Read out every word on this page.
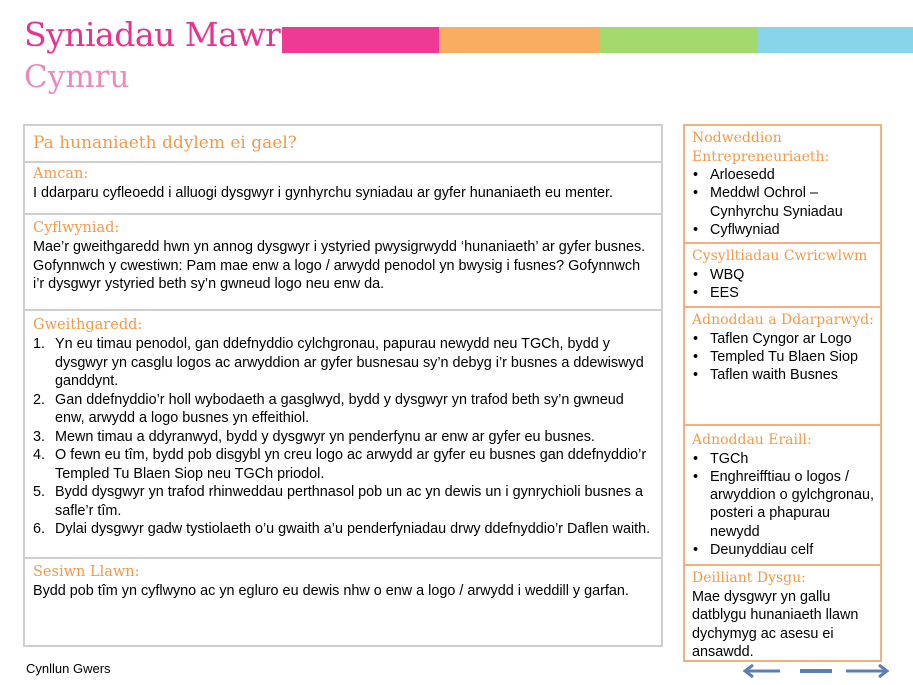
Syniadau Mawr
Cymru
Pa hunaniaeth ddylem ei gael?
Amcan:
I ddarparu cyfleoedd i alluogi dysgwyr i gynhyrchu syniadau ar gyfer hunaniaeth eu menter.
Cyflwyniad:
Mae’r gweithgaredd hwn yn annog dysgwyr i ystyried pwysigrwydd ‘hunaniaeth’ ar gyfer busnes. Gofynnwch y cwestiwn: Pam mae enw a logo / arwydd penodol yn bwysig i fusnes? Gofynnwch i’r dysgwyr ystyried beth sy’n gwneud logo neu enw da.
Gweithgaredd:
1. Yn eu timau penodol, gan ddefnyddio cylchgronau, papurau newydd neu TGCh, bydd y dysgwyr yn casglu logos ac arwyddion ar gyfer busnesau sy’n debyg i’r busnes a ddewiswyd ganddynt.
2. Gan ddefnyddio’r holl wybodaeth a gasglwyd, bydd y dysgwyr yn trafod beth sy’n gwneud enw, arwydd a logo busnes yn effeithiol.
3. Mewn timau a ddyranwyd, bydd y dysgwyr yn penderfynu ar enw ar gyfer eu busnes.
4. O fewn eu tîm, bydd pob disgybl yn creu logo ac arwydd ar gyfer eu busnes gan ddefnyddio’r Templed Tu Blaen Siop neu TGCh priodol.
5. Bydd dysgwyr yn trafod rhinweddau perthnasol pob un ac yn dewis un i gynrychioli busnes a safle’r tîm.
6. Dylai dysgwyr gadw tystiolaeth o’u gwaith a’u penderfyniadau drwy ddefnyddio’r Daflen waith.
Sesiwn Llawn:
Bydd pob tîm yn cyflwyno ac yn egluro eu dewis nhw o enw a logo / arwydd i weddill y garfan.
Nodweddion Entrepreneuriaeth:
• Arloesedd
• Meddwl Ochrol – Cynhyrchu Syniadau
• Cyflwyniad
Cysylltiadau Cwricwlwm
• WBQ
• EES
Adnoddau a Ddarparwyd:
• Taflen Cyngor ar Logo
• Templed Tu Blaen Siop
• Taflen waith Busnes
Adnoddau Eraill:
• TGCh
• Enghreifftiau o logos / arwyddion o gylchgronau, posteri a phapurau newydd
• Deunyddiau celf
Deilliant Dysgu:
Mae dysgwyr yn gallu datblygu hunaniaeth llawn dychymyg ac asesu ei ansawdd.
Cynllun Gwers
